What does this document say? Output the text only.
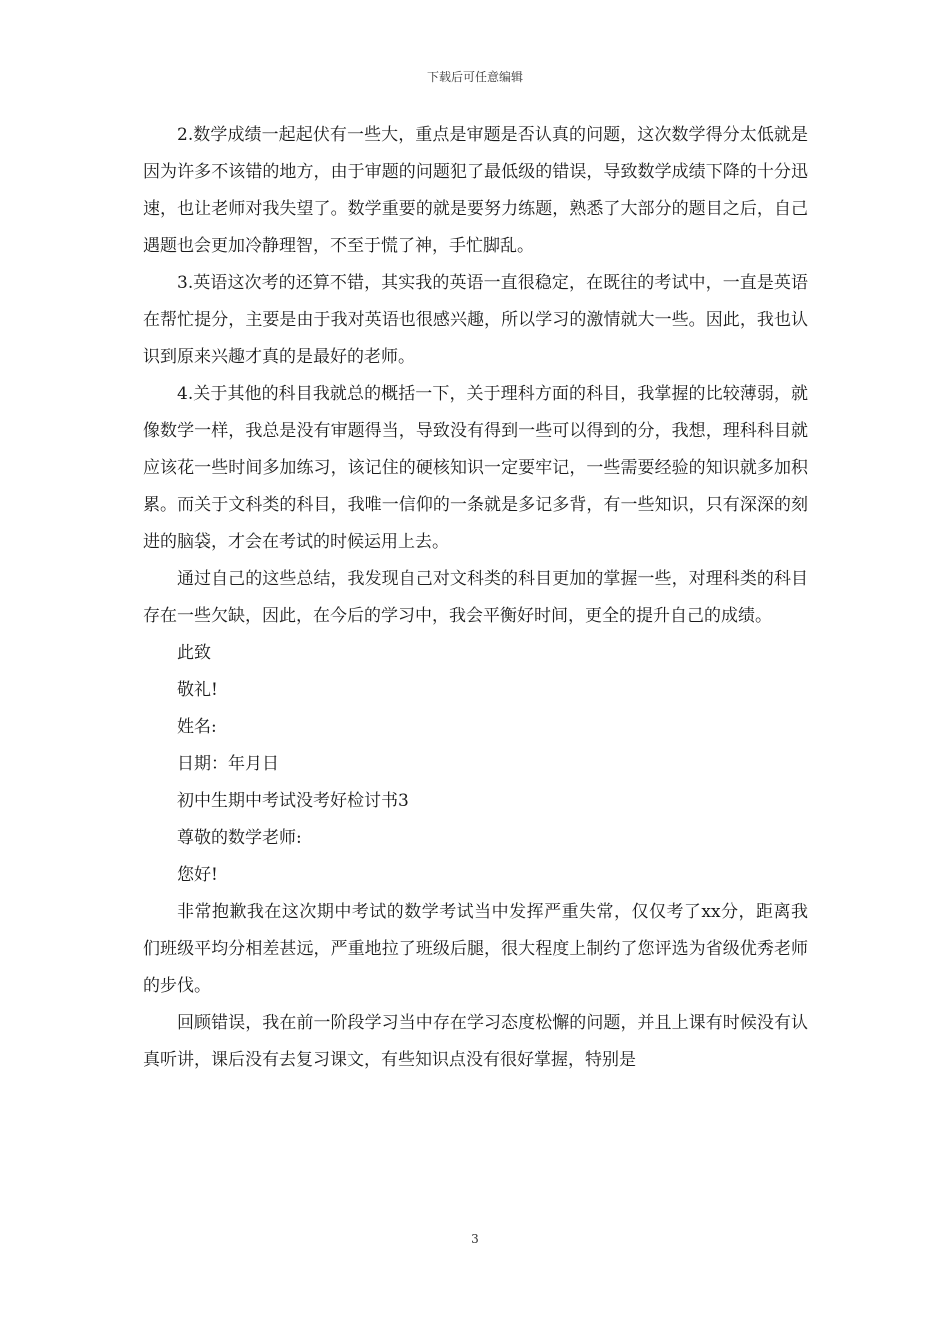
下载后可任意编辑

2.数学成绩一起起伏有一些大，重点是审题是否认真的问题，这次数学得分太低就是因为许多不该错的地方，由于审题的问题犯了最低级的错误，导致数学成绩下降的十分迅速，也让老师对我失望了。数学重要的就是要努力练题，熟悉了大部分的题目之后，自己遇题也会更加冷静理智，不至于慌了神，手忙脚乱。

3.英语这次考的还算不错，其实我的英语一直很稳定，在既往的考试中，一直是英语在帮忙提分，主要是由于我对英语也很感兴趣，所以学习的激情就大一些。因此，我也认识到原来兴趣才真的是最好的老师。

4.关于其他的科目我就总的概括一下，关于理科方面的科目，我掌握的比较薄弱，就像数学一样，我总是没有审题得当，导致没有得到一些可以得到的分，我想，理科科目就应该花一些时间多加练习，该记住的硬核知识一定要牢记，一些需要经验的知识就多加积累。而关于文科类的科目，我唯一信仰的一条就是多记多背，有一些知识，只有深深的刻进的脑袋，才会在考试的时候运用上去。

通过自己的这些总结，我发现自己对文科类的科目更加的掌握一些，对理科类的科目存在一些欠缺，因此，在今后的学习中，我会平衡好时间，更全的提升自己的成绩。

此致

敬礼!

姓名:

日期：年月日

初中生期中考试没考好检讨书3

尊敬的数学老师:

您好!

非常抱歉我在这次期中考试的数学考试当中发挥严重失常，仅仅考了xx分，距离我们班级平均分相差甚远，严重地拉了班级后腿，很大程度上制约了您评选为省级优秀老师的步伐。

回顾错误，我在前一阶段学习当中存在学习态度松懈的问题，并且上课有时候没有认真听讲，课后没有去复习课文，有些知识点没有很好掌握，特别是

3
